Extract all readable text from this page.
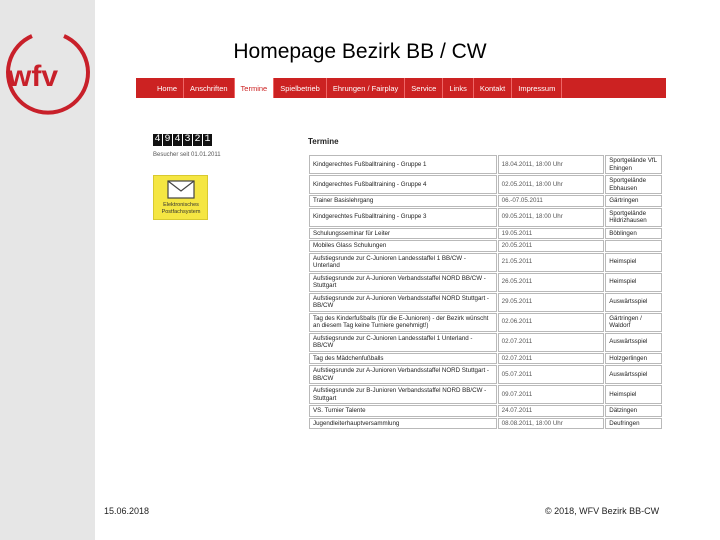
wfv
Homepage Bezirk BB / CW
Home	Anschriften	Termine	Spielbetrieb	Ehrungen / Fairplay	Service	Links	Kontakt	Impressum
4 9 4 3 2 1
Besucher seit 01.01.2011
Elektronisches
Postfachsystem
Termine
Kindgerechtes Fußballtraining - Gruppe 1	18.04.2011, 18:00 Uhr	Sportgelände VfL Ehingen
Kindgerechtes Fußballtraining - Gruppe 4	02.05.2011, 18:00 Uhr	Sportgelände Ebhausen
Trainer Basislehrgang	06.-07.05.2011	Gärtringen
Kindgerechtes Fußballtraining - Gruppe 3	09.05.2011, 18:00 Uhr	Sportgelände Hildrizhausen
Schulungsseminar für Leiter	19.05.2011	Böblingen
Mobiles Glass Schulungen	20.05.2011	
Aufstiegsrunde zur C-Junioren Landesstaffel 1 BB/CW - Unterland	21.05.2011	Heimspiel
Aufstiegsrunde zur A-Junioren Verbandsstaffel NORD BB/CW - Stuttgart	26.05.2011	Heimspiel
Aufstiegsrunde zur A-Junioren Verbandsstaffel NORD Stuttgart - BB/CW	29.05.2011	Auswärtsspiel
Tag des Kinderfußballs (für die E-Junioren) - der Bezirk wünscht an diesem Tag keine Turniere genehmigt!)	02.06.2011	Gärtringen / Waldorf
Aufstiegsrunde zur C-Junioren Landesstaffel 1 Unterland - BB/CW	02.07.2011	Auswärtsspiel
Tag des Mädchenfußballs	02.07.2011	Holzgerlingen
Aufstiegsrunde zur A-Junioren Verbandsstaffel NORD Stuttgart - BB/CW	05.07.2011	Auswärtsspiel
Aufstiegsrunde zur B-Junioren Verbandsstaffel NORD BB/CW - Stuttgart	09.07.2011	Heimspiel
VS. Turnier Talente	24.07.2011	Dätzingen
Jugendleiterhauptversammlung	08.08.2011, 18:00 Uhr	Deufringen
15.06.2018	© 2018, WFV Bezirk BB-CW
